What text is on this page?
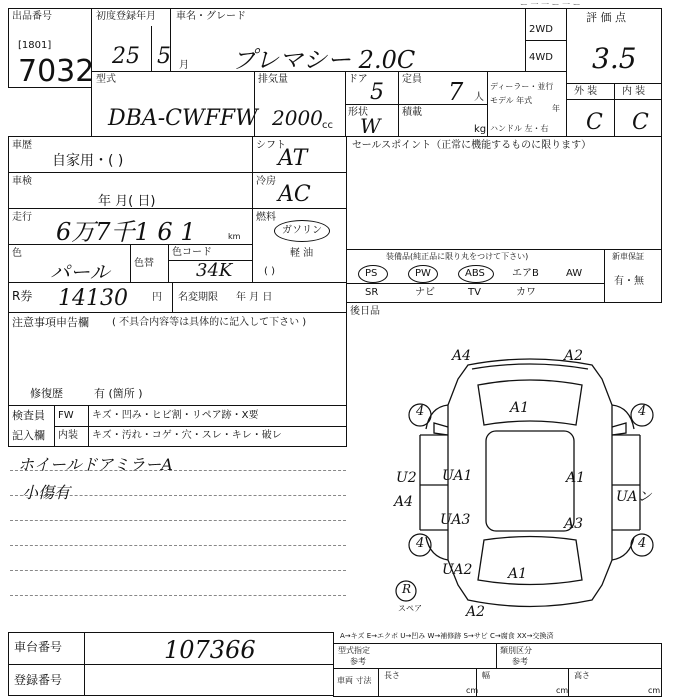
ー 一 一 ー 一 ー
出品番号
[1801]
7032
初度登録年月
25 5 月
車名・グレード
プレマシー 2.0C
2WD
4WD
評 価 点
3.5
型式
DBA-CWFFW
排気量
2000 cc
ドア
5
定員 7 人
形状
W
積載
kg
ディーラー・並行
モデル 年式
年
ハンドル 左・右
外 装 内 装
C C
車歴
自家用・( )
シフト
AT
車検
年 月( 日)
冷房
AC
走行
6万7千1 6 1	km
燃料
ガソリン
軽 油
( )
色
パール 色替
色コード
34K
R券 14130 円 名変期限 年 月 日
注意事項申告欄 ( 不具合内容等は具体的に記入して下さい )
修復歴	有 (箇所 )
セールスポイント（正常に機能するものに限ります）
装備品(純正品に限り丸をつけて下さい)	新車保証
有・無
PS	PW	ABS	エアB	AW
SR	ナビ	TV	カワ
後日品
検査員
記入欄
FW
内装
キズ・凹み・ヒビ割・リペア跡・X要
キズ・汚れ・コゲ・穴・スレ・キレ・破レ
ホイールドアミラーA
小傷有
A4	A2
A1
U2
A4
UA1	A1
UA3	A3
UA2	A1
A2
UAン
4	4
4	4
R
スペア
A→キズ E→エクボ U→凹み W→補修跡 S→サビ C→腐食 XX→交換済
車台番号	107366
登録番号
型式指定
参考
類別区分
参考
車両 寸法
長さ
cm
幅
cm
高さ
cm
